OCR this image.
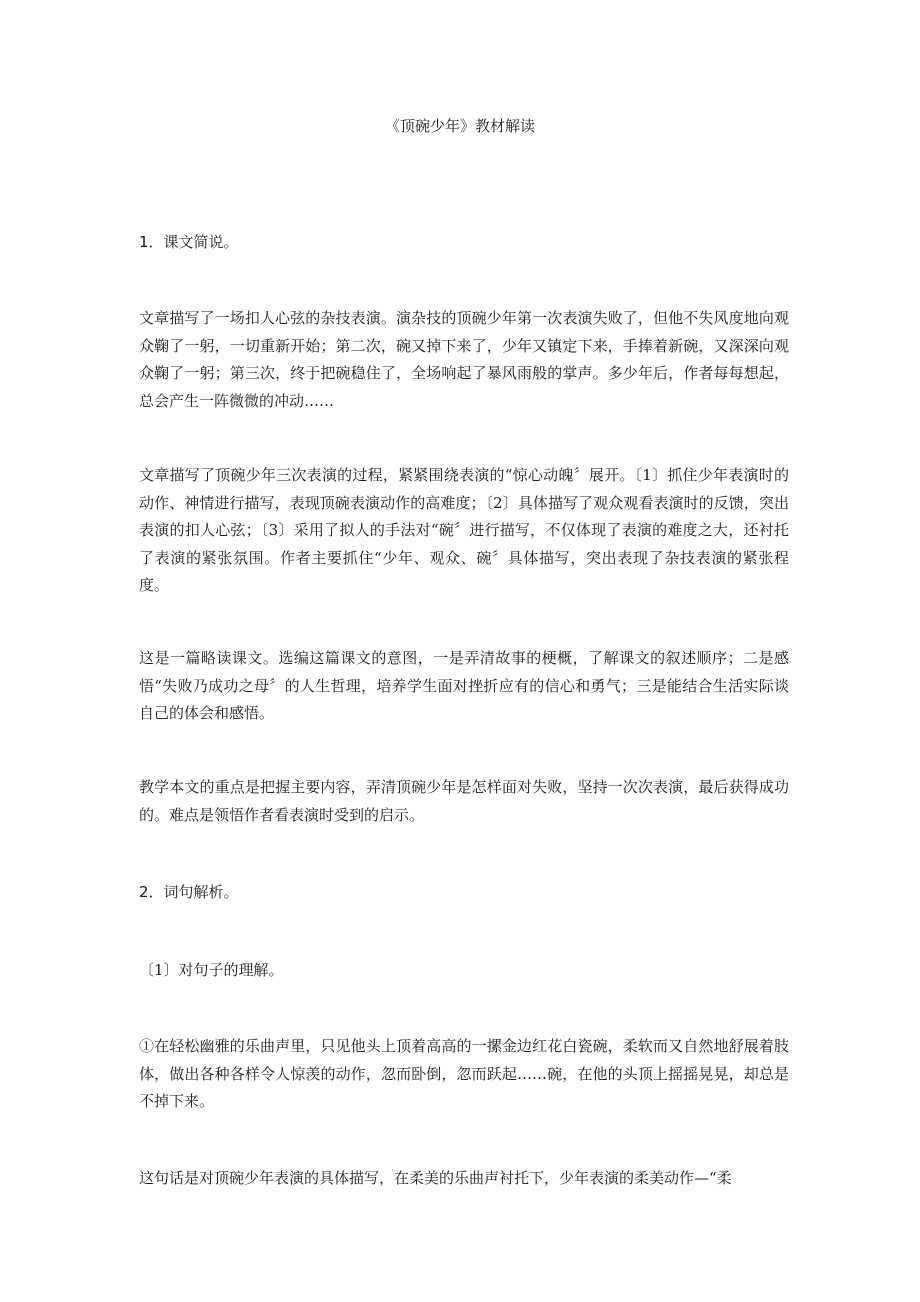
《顶碗少年》教材解读

1．课文简说。

文章描写了一场扣人心弦的杂技表演。演杂技的顶碗少年第一次表演失败了，但他不失风度地向观众鞠了一躬，一切重新开始；第二次，碗又掉下来了，少年又镇定下来，手捧着新碗，又深深向观众鞠了一躬；第三次，终于把碗稳住了，全场响起了暴风雨般的掌声。多少年后，作者每每想起，总会产生一阵微微的冲动……

文章描写了顶碗少年三次表演的过程，紧紧围绕表演的“惊心动魄〞展开。〔1〕抓住少年表演时的动作、神情进行描写，表现顶碗表演动作的高难度；〔2〕具体描写了观众观看表演时的反馈，突出表演的扣人心弦；〔3〕采用了拟人的手法对“碗〞进行描写，不仅体现了表演的难度之大，还衬托了表演的紧张氛围。作者主要抓住“少年、观众、碗〞具体描写，突出表现了杂技表演的紧张程度。

这是一篇略读课文。选编这篇课文的意图，一是弄清故事的梗概，了解课文的叙述顺序；二是感悟“失败乃成功之母〞的人生哲理，培养学生面对挫折应有的信心和勇气；三是能结合生活实际谈自己的体会和感悟。

教学本文的重点是把握主要内容，弄清顶碗少年是怎样面对失败，坚持一次次表演，最后获得成功的。难点是领悟作者看表演时受到的启示。

2．词句解析。

〔1〕对句子的理解。

①在轻松幽雅的乐曲声里，只见他头上顶着高高的一摞金边红花白瓷碗，柔软而又自然地舒展着肢体，做出各种各样令人惊羡的动作，忽而卧倒，忽而跃起……碗，在他的头顶上摇摇晃晃，却总是不掉下来。

这句话是对顶碗少年表演的具体描写，在柔美的乐曲声衬托下，少年表演的柔美动作—“柔
